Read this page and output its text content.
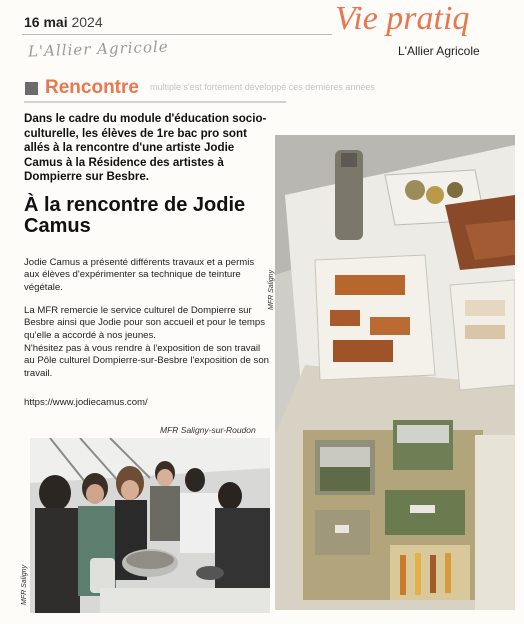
16 mai 2024
L'Allier Agricole
Vie pratiq
L'Allier Agricole
multiple s'est fortement développé ces dernières années
Rencontre
Dans le cadre du module d'éducation socio-culturelle, les élèves de 1re bac pro sont allés à la rencontre d'une artiste Jodie Camus à la Résidence des artistes à Dompierre sur Besbre.
À la rencontre de Jodie Camus

Jodie Camus a présenté différents travaux et a permis aux élèves d'expérimenter sa technique de teinture végétale.

La MFR remercie le service culturel de Dompierre sur Besbre ainsi que Jodie pour son accueil et pour le temps qu'elle a accordé à nos jeunes.

N'hésitez pas à vous rendre à l'exposition de son travail au Pôle culturel Dompierre-sur-Besbre l'exposition de son travail.

https://www.jodiecamus.com/
MFR Saligny
MFR Saligny-sur-Roudon
MFR Saligny
